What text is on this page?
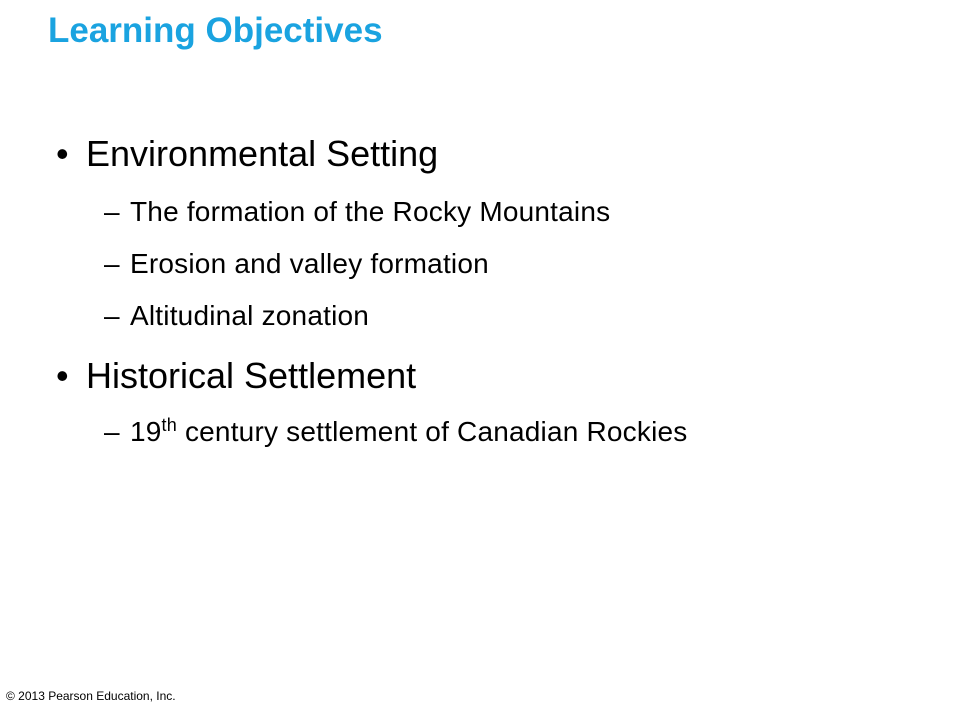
Learning Objectives
• Environmental Setting
– The formation of the Rocky Mountains
– Erosion and valley formation
– Altitudinal zonation
• Historical Settlement
– 19th century settlement of Canadian Rockies
© 2013 Pearson Education, Inc.
